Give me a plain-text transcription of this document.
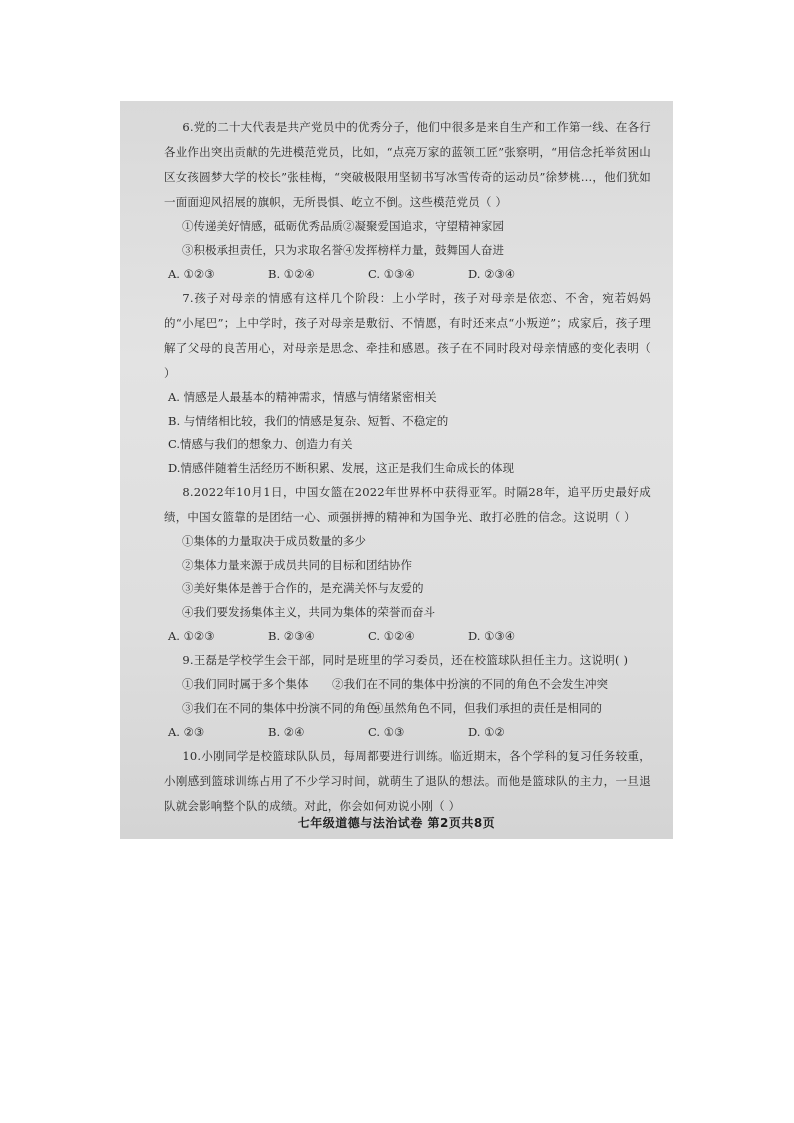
6.党的二十大代表是共产党员中的优秀分子，他们中很多是来自生产和工作第一线、在各行各业作出突出贡献的先进模范党员，比如，“点亮万家的蓝领工匠”张察明，“用信念托举贫困山区女孩圆梦大学的校长”张桂梅，“突破极限用坚韧书写冰雪传奇的运动员”徐梦桃…，他们犹如一面面迎风招展的旗帜，无所畏惧、屹立不倒。这些模范党员（ ）

①传递美好情感，砥砺优秀品质②凝聚爱国追求，守望精神家园

③积极承担责任，只为求取名誉④发挥榜样力量，鼓舞国人奋进

A. ①②③	B. ①②④	C. ①③④	D. ②③④

7.孩子对母亲的情感有这样几个阶段：上小学时，孩子对母亲是依恋、不舍，宛若妈妈的“小尾巴”；上中学时，孩子对母亲是敷衍、不情愿，有时还来点“小叛逆”；成家后，孩子理解了父母的良苦用心，对母亲是思念、牵挂和感恩。孩子在不同时段对母亲情感的变化表明（ ）

A. 情感是人最基本的精神需求，情感与情绪紧密相关

B. 与情绪相比较，我们的情感是复杂、短暂、不稳定的

C.情感与我们的想象力、创造力有关

D.情感伴随着生活经历不断积累、发展，这正是我们生命成长的体现

8.2022年10月1日，中国女篮在2022年世界杯中获得亚军。时隔28年，追平历史最好成绩，中国女篮靠的是团结一心、顽强拼搏的精神和为国争光、敢打必胜的信念。这说明（ ）

①集体的力量取决于成员数量的多少

②集体力量来源于成员共同的目标和团结协作

③美好集体是善于合作的，是充满关怀与友爱的

④我们要发扬集体主义，共同为集体的荣誉而奋斗

A. ①②③	B. ②③④	C. ①②④	D. ①③④

9.王磊是学校学生会干部，同时是班里的学习委员，还在校篮球队担任主力。这说明( )

①我们同时属于多个集体	②我们在不同的集体中扮演的不同的角色不会发生冲突
③我们在不同的集体中扮演不同的角色
④虽然角色不同，但我们承担的责任是相同的
A. ②③	B. ②④	C. ①③	D. ①②

10.小刚同学是校篮球队队员，每周都要进行训练。临近期末，各个学科的复习任务较重，小刚感到篮球训练占用了不少学习时间，就萌生了退队的想法。而他是篮球队的主力，一旦退队就会影响整个队的成绩。对此，你会如何劝说小刚（ ）

七年级道德与法治试卷 第2页共8页
